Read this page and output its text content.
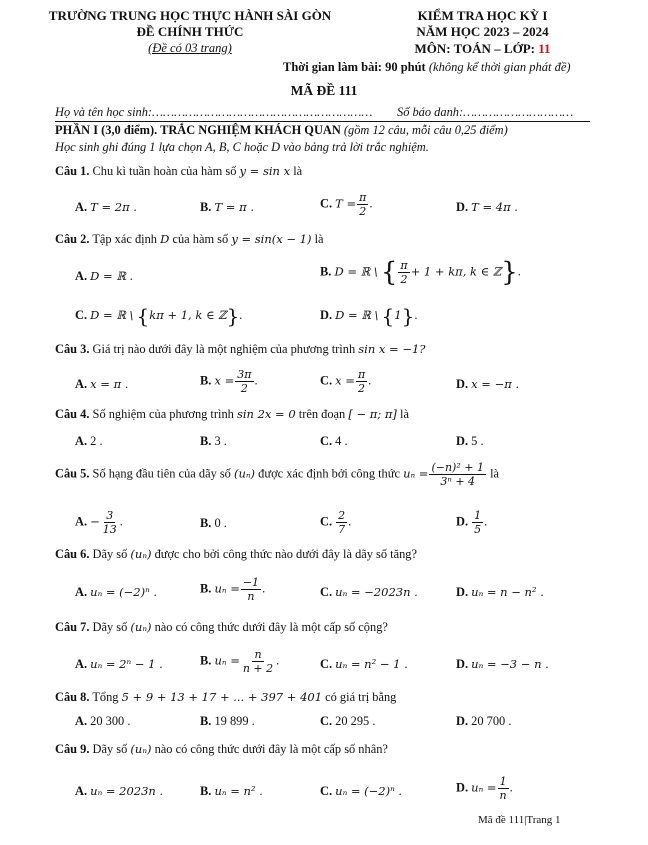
TRƯỜNG TRUNG HỌC THỰC HÀNH SÀI GÒN
ĐỀ CHÍNH THỨC
(Đề có 03 trang)
KIỂM TRA HỌC KỲ I
NĂM HỌC 2023 – 2024
MÔN: TOÁN – LỚP: 11
Thời gian làm bài: 90 phút (không kể thời gian phát đề)
MÃ ĐỀ 111
Họ và tên học sinh:…………………………………………………… Số báo danh:…………………………
PHẦN I (3,0 điểm). TRẮC NGHIỆM KHÁCH QUAN (gồm 12 câu, mỗi câu 0,25 điểm)
Học sinh ghi đúng 1 lựa chọn A, B, C hoặc D vào bảng trả lời trắc nghiệm.
Câu 1. Chu kì tuần hoàn của hàm số y = sin x là
A. T = 2π .	B. T = π .	C. $T = \frac{\pi}{2}$ .	D. T = 4π .
Câu 2. Tập xác định D của hàm số y = sin(x − 1) là
A. D = ℝ .	B. D = ℝ \ { $\frac{\pi}{2} + 1 + k\pi$, k ∈ ℤ}.
C. D = ℝ \ {kπ + 1, k ∈ ℤ}.	D. D = ℝ \ {1}.
Câu 3. Giá trị nào dưới đây là một nghiệm của phương trình sin x = −1?
A. x = π .	B. $x = \frac{3\pi}{2}$ .	C. $x = \frac{\pi}{2}$ .	D. x = −π .
Câu 4. Số nghiệm của phương trình sin 2x = 0 trên đoạn [ − π; π] là
A. 2 .	B. 3 .	C. 4 .	D. 5 .
Câu 5. Số hạng đầu tiên của dãy số (uₙ) được xác định bởi công thức $u_n = \frac{\text{(−n)² + 1}}{\text{3ⁿ + 4}}$ là
A. − $\frac{3}{13}$ .	B. 0 .	C. $\frac{2}{7}$ .	D. $\frac{1}{5}$ .
Câu 6. Dãy số (uₙ) được cho bởi công thức nào dưới đây là dãy số tăng?
A. uₙ = (−2)ⁿ .	B. $u_n = \frac{-1}{n}$ .	C. uₙ = −2023n .	D. uₙ = n − n² .
Câu 7. Dãy số (uₙ) nào có công thức dưới đây là một cấp số cộng?
A. uₙ = 2ⁿ − 1 .	B. $u_n = \frac{n}{n + 2}$ .	C. uₙ = n² − 1 .	D. uₙ = −3 − n .
Câu 8. Tổng 5 + 9 + 13 + 17 + ... + 397 + 401 có giá trị bằng
A. 20 300 .	B. 19 899 .	C. 20 295 .	D. 20 700 .
Câu 9. Dãy số (uₙ) nào có công thức dưới đây là một cấp số nhân?
A. uₙ = 2023n .	B. uₙ = n² .	C. uₙ = (−2)ⁿ .	D. $u_n = \frac{1}{n}$ .
Mã đề 111|Trang 1
